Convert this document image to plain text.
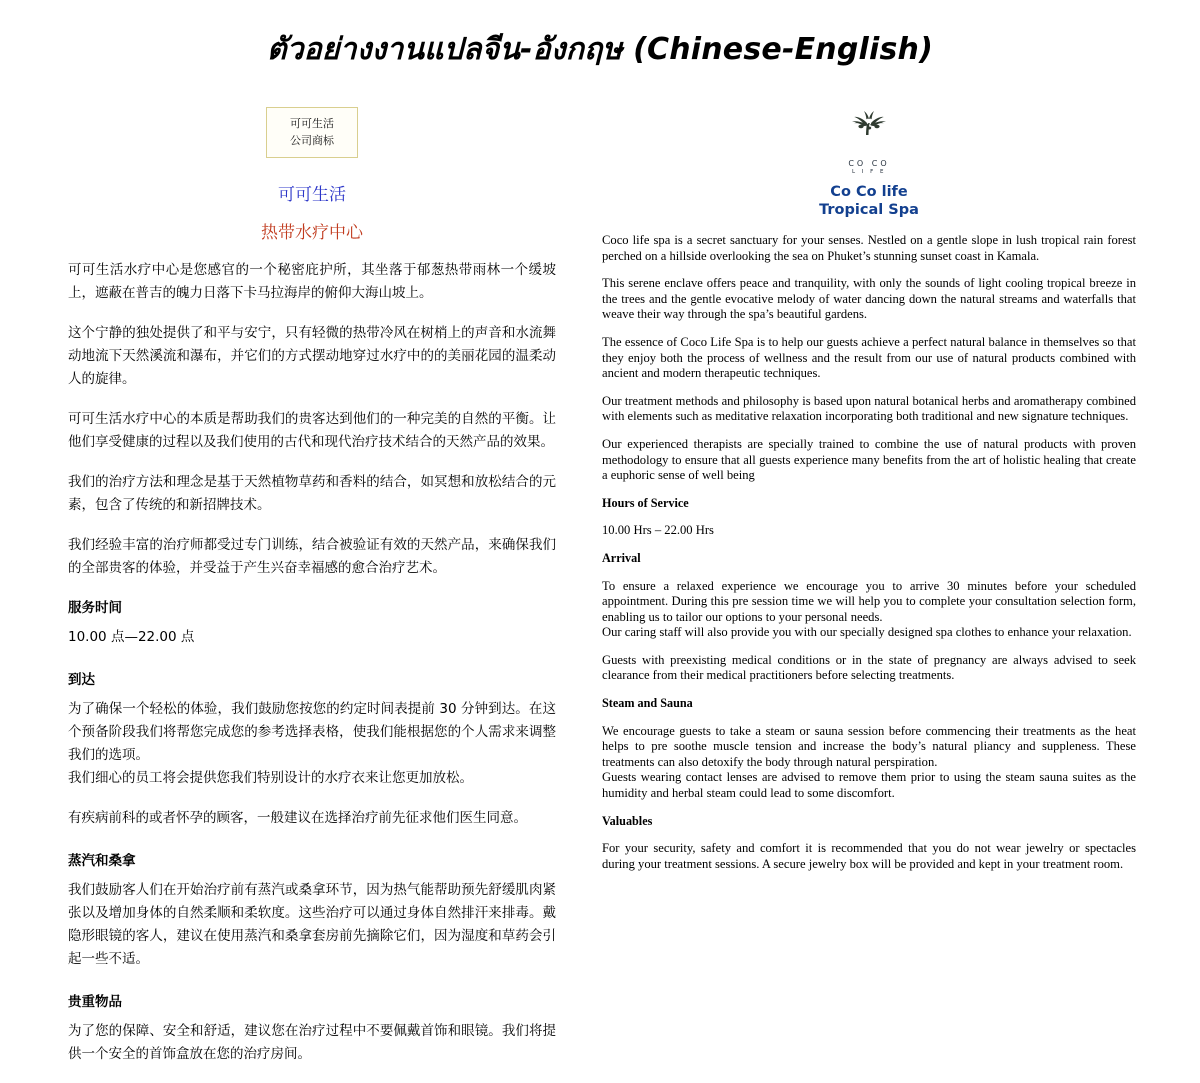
ตัวอย่างงานแปลจีน-อังกฤษ (Chinese-English)
可可生活
公司商标
可可生活
热带水疗中心

可可生活水疗中心是您感官的一个秘密庇护所，其坐落于郁葱热带雨林一个缓坡上，遮蔽在普吉的魄力日落下卡马拉海岸的俯仰大海山坡上。

这个宁静的独处提供了和平与安宁，只有轻微的热带冷风在树梢上的声音和水流舞动地流下天然溪流和瀑布，并它们的方式摆动地穿过水疗中的的美丽花园的温柔动人的旋律。

可可生活水疗中心的本质是帮助我们的贵客达到他们的一种完美的自然的平衡。让他们享受健康的过程以及我们使用的古代和现代治疗技术结合的天然产品的效果。

我们的治疗方法和理念是基于天然植物草药和香料的结合，如冥想和放松结合的元素，包含了传统的和新招牌技术。

我们经验丰富的治疗师都受过专门训练，结合被验证有效的天然产品，来确保我们的全部贵客的体验，并受益于产生兴奋幸福感的愈合治疗艺术。

服务时间

10.00 点—22.00 点

到达

为了确保一个轻松的体验，我们鼓励您按您的约定时间表提前 30 分钟到达。在这个预备阶段我们将帮您完成您的参考选择表格，使我们能根据您的个人需求来调整我们的选项。

我们细心的员工将会提供您我们特别设计的水疗衣来让您更加放松。

有疾病前科的或者怀孕的顾客，一般建议在选择治疗前先征求他们医生同意。

蒸汽和桑拿

我们鼓励客人们在开始治疗前有蒸汽或桑拿环节，因为热气能帮助预先舒缓肌肉紧张以及增加身体的自然柔顺和柔软度。这些治疗可以通过身体自然排汗来排毒。戴隐形眼镜的客人，建议在使用蒸汽和桑拿套房前先摘除它们，因为湿度和草药会引起一些不适。

贵重物品

为了您的保障、安全和舒适，建议您在治疗过程中不要佩戴首饰和眼镜。我们将提供一个安全的首饰盒放在您的治疗房间。

CO CO
L I F E
Co Co life
Tropical Spa

Coco life spa is a secret sanctuary for your senses. Nestled on a gentle slope in lush tropical rain forest perched on a hillside overlooking the sea on Phuket’s stunning sunset coast in Kamala.

This serene enclave offers peace and tranquility, with only the sounds of light cooling tropical breeze in the trees and the gentle evocative melody of water dancing down the natural streams and waterfalls that weave their way through the spa’s beautiful gardens.

The essence of Coco Life Spa is to help our guests achieve a perfect natural balance in themselves so that they enjoy both the process of wellness and the result from our use of natural products combined with ancient and modern therapeutic techniques.

Our treatment methods and philosophy is based upon natural botanical herbs and aromatherapy combined with elements such as meditative relaxation incorporating both traditional and new signature techniques.

Our experienced therapists are specially trained to combine the use of natural products with proven methodology to ensure that all guests experience many benefits from the art of holistic healing that create a euphoric sense of well being

Hours of Service

10.00 Hrs – 22.00 Hrs

Arrival

To ensure a relaxed experience we encourage you to arrive 30 minutes before your scheduled appointment. During this pre session time we will help you to complete your consultation selection form, enabling us to tailor our options to your personal needs.

Our caring staff will also provide you with our specially designed spa clothes to enhance your relaxation.

Guests with preexisting medical conditions or in the state of pregnancy are always advised to seek clearance from their medical practitioners before selecting treatments.

Steam and Sauna

We encourage guests to take a steam or sauna session before commencing their treatments as the heat helps to pre soothe muscle tension and increase the body’s natural pliancy and suppleness. These treatments can also detoxify the body through natural perspiration.

Guests wearing contact lenses are advised to remove them prior to using the steam sauna suites as the humidity and herbal steam could lead to some discomfort.

Valuables

For your security, safety and comfort it is recommended that you do not wear jewelry or spectacles during your treatment sessions. A secure jewelry box will be provided and kept in your treatment room.
